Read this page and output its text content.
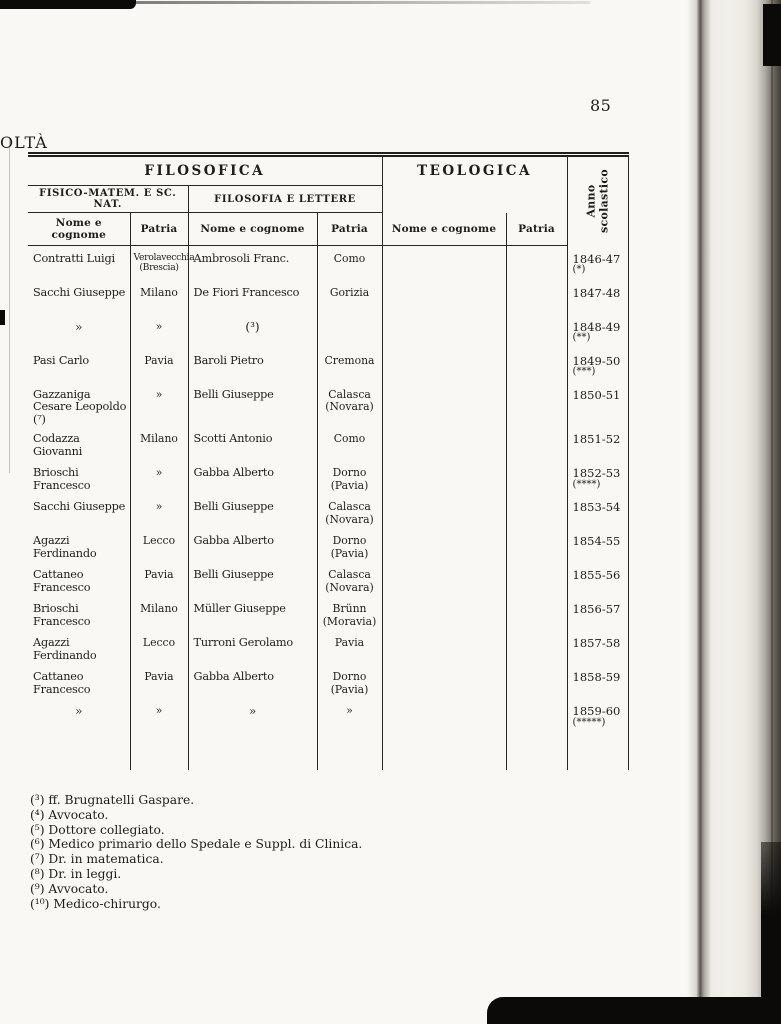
85
OLTÀ
FILOSOFICA				TEOLOGICA		Anno scolastico

FISICO-MATEM. E SC. NAT.		FILOSOFIA E LETTERE				
Nome e cognome	Patria	Nome e cognome	Patria	Nome e cognome	Patria	
Contratti Luigi	Verolavecchia (Brescia)	Ambrosoli Franc.	Como			1846-47
(*)

Sacchi Giuseppe	Milano	De Fiori Francesco	Gorizia			1847-48

»	»	(³)				1848-49
(**)

Pasi Carlo	Pavia	Baroli Pietro	Cremona			1849-50
(***)

Gazzaniga Cesare Leopoldo (⁷)	»	Belli Giuseppe	Calasca (Novara)			1850-51

Codazza Giovanni	Milano	Scotti Antonio	Como			1851-52

Brioschi Francesco	»	Gabba Alberto	Dorno (Pavia)			1852-53
(****)

Sacchi Giuseppe	»	Belli Giuseppe	Calasca (Novara)			1853-54

Agazzi Ferdinando	Lecco	Gabba Alberto	Dorno (Pavia)			1854-55

Cattaneo Francesco	Pavia	Belli Giuseppe	Calasca (Novara)			1855-56

Brioschi Francesco	Milano	Müller Giuseppe	Brünn (Moravia)			1856-57

Agazzi Ferdinando	Lecco	Turroni Gerolamo	Pavia			1857-58

Cattaneo Francesco	Pavia	Gabba Alberto	Dorno (Pavia)			1858-59

»	»	»	»			1859-60
(*****)

(³) ff. Brugnatelli Gaspare.
(⁴) Avvocato.
(⁵) Dottore collegiato.
(⁶) Medico primario dello Spedale e Suppl. di Clinica.
(⁷) Dr. in matematica.
(⁸) Dr. in leggi.
(⁹) Avvocato.
(¹⁰) Medico-chirurgo.
